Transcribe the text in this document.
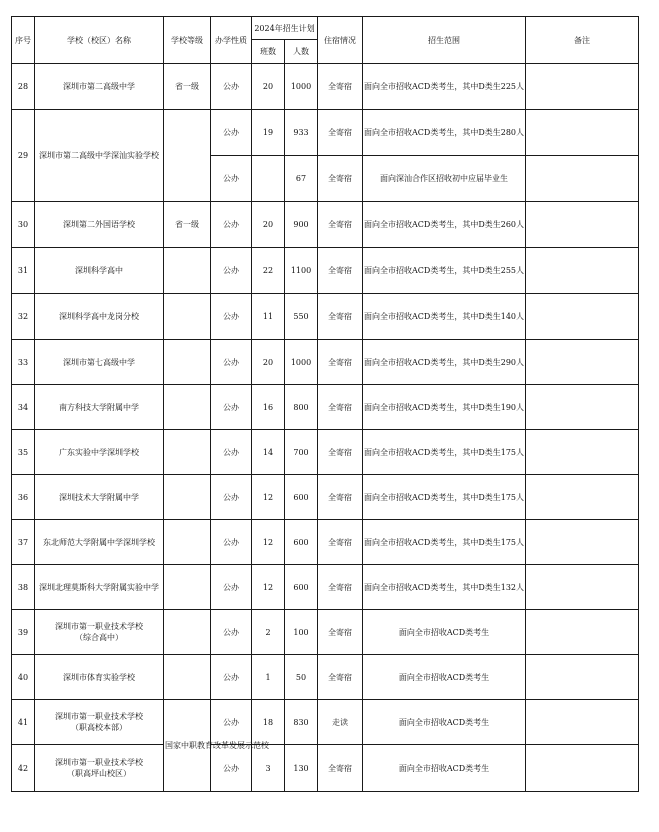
序号	学校（校区）名称	学校等级	办学性质	2024年招生计划		住宿情况	招生范围	备注
				班数	人数			
28	深圳市第二高级中学	省一级	公办	20	1000	全寄宿	面向全市招收ACD类考生，其中D类生225人	
29	深圳市第二高级中学深汕实验学校		公办	19	933	全寄宿	面向全市招收ACD类考生，其中D类生280人	
			公办		67	全寄宿	面向深汕合作区招收初中应届毕业生	
30	深圳第二外国语学校	省一级	公办	20	900	全寄宿	面向全市招收ACD类考生，其中D类生260人	
31	深圳科学高中		公办	22	1100	全寄宿	面向全市招收ACD类考生，其中D类生255人	
32	深圳科学高中龙岗分校		公办	11	550	全寄宿	面向全市招收ACD类考生，其中D类生140人	
33	深圳市第七高级中学		公办	20	1000	全寄宿	面向全市招收ACD类考生，其中D类生290人	
34	南方科技大学附属中学		公办	16	800	全寄宿	面向全市招收ACD类考生，其中D类生190人	
35	广东实验中学深圳学校		公办	14	700	全寄宿	面向全市招收ACD类考生，其中D类生175人	
36	深圳技术大学附属中学		公办	12	600	全寄宿	面向全市招收ACD类考生，其中D类生175人	
37	东北师范大学附属中学深圳学校		公办	12	600	全寄宿	面向全市招收ACD类考生，其中D类生175人	
38	深圳北理莫斯科大学附属实验中学		公办	12	600	全寄宿	面向全市招收ACD类考生，其中D类生132人	
39	深圳市第一职业技术学校
（综合高中）		公办	2	100	全寄宿	面向全市招收ACD类考生	
40	深圳市体育实验学校		公办	1	50	全寄宿	面向全市招收ACD类考生	
41	深圳市第一职业技术学校
（职高校本部）	国家中职教育改革发展示范校	公办	18	830	走读	面向全市招收ACD类考生	
42	深圳市第一职业技术学校
（职高坪山校区）		公办	3	130	全寄宿	面向全市招收ACD类考生	
